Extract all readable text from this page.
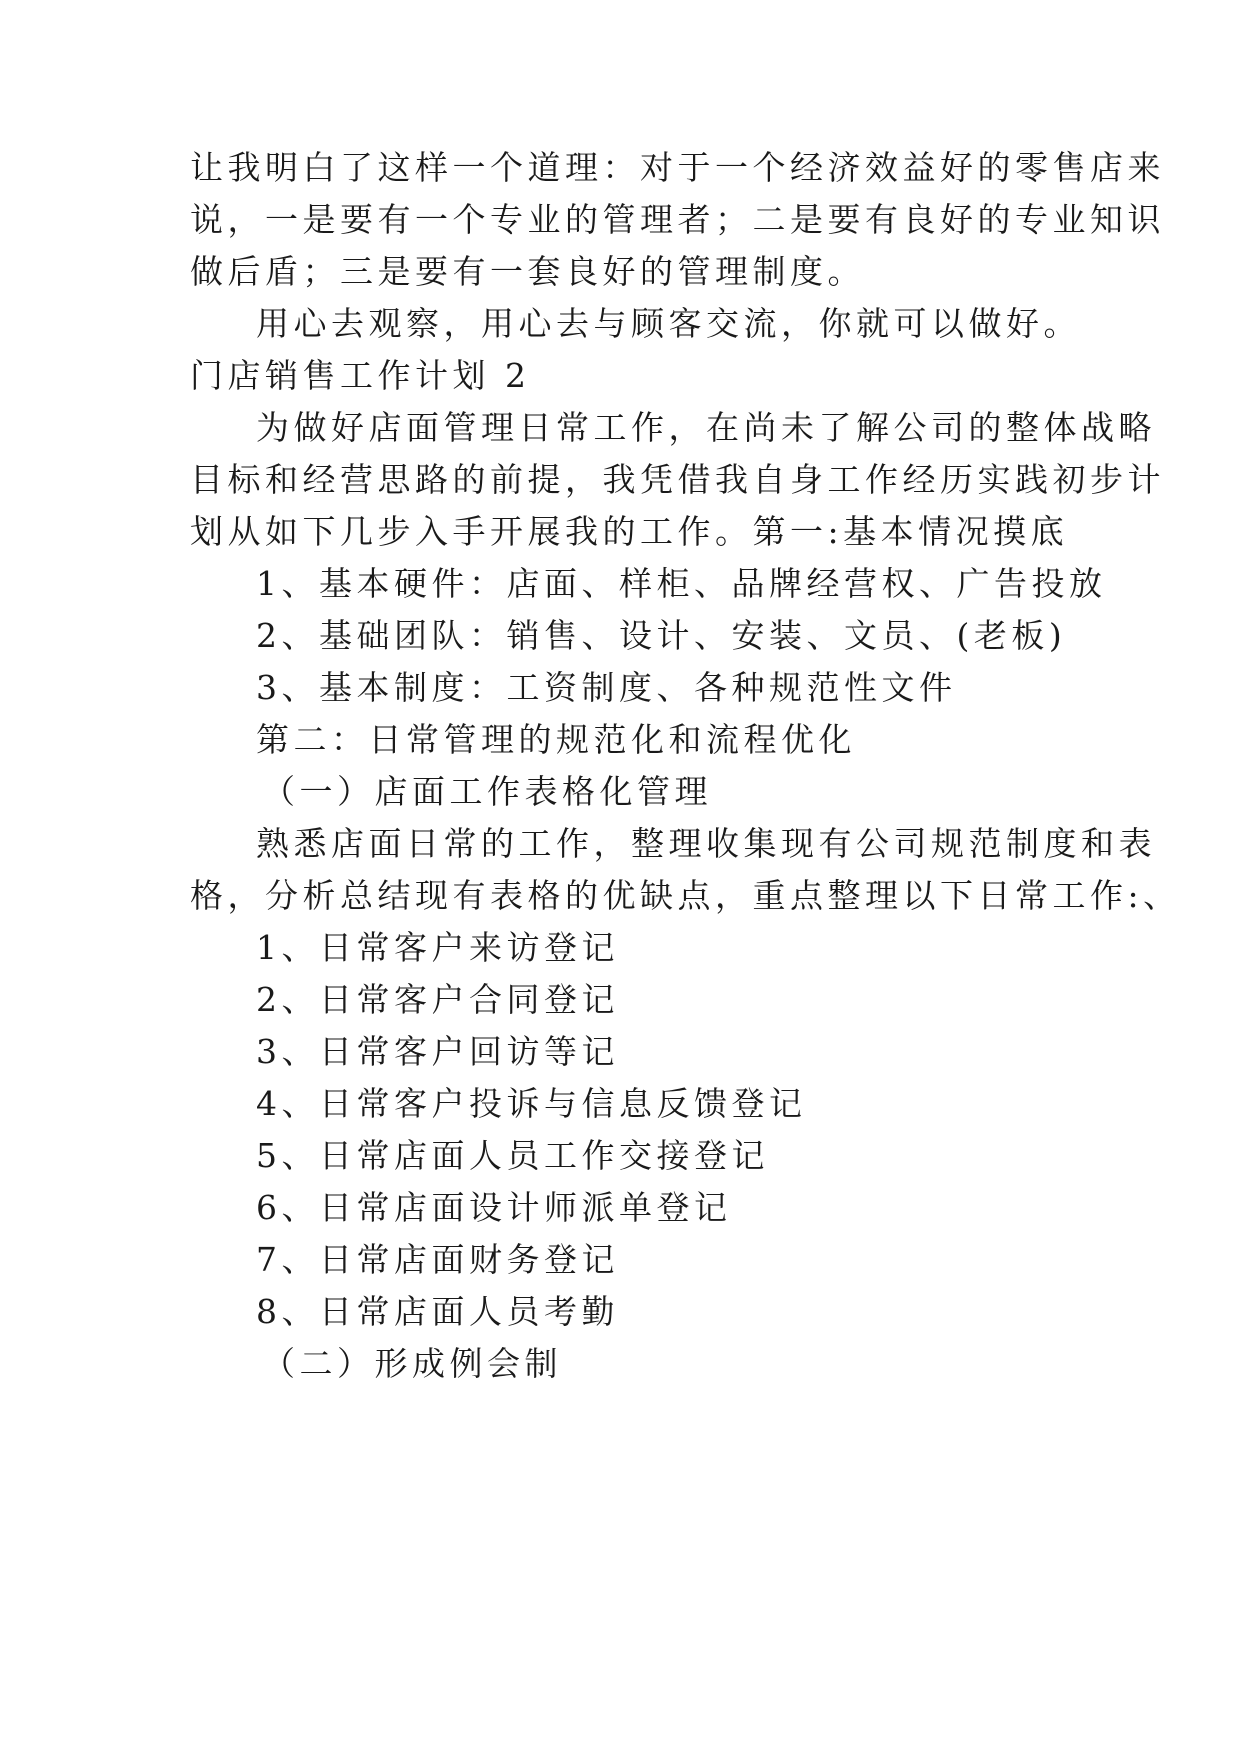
让我明白了这样一个道理：对于一个经济效益好的零售店来
说，一是要有一个专业的管理者；二是要有良好的专业知识
做后盾；三是要有一套良好的管理制度。
用心去观察，用心去与顾客交流，你就可以做好。
门店销售工作计划 2
为做好店面管理日常工作，在尚未了解公司的整体战略
目标和经营思路的前提，我凭借我自身工作经历实践初步计
划从如下几步入手开展我的工作。第一:基本情况摸底
1、基本硬件：店面、样柜、品牌经营权、广告投放
2、基础团队：销售、设计、安装、文员、(老板)
3、基本制度：工资制度、各种规范性文件
第二：日常管理的规范化和流程优化
（一）店面工作表格化管理
熟悉店面日常的工作，整理收集现有公司规范制度和表
格，分析总结现有表格的优缺点，重点整理以下日常工作:、
1、日常客户来访登记
2、日常客户合同登记
3、日常客户回访等记
4、日常客户投诉与信息反馈登记
5、日常店面人员工作交接登记
6、日常店面设计师派单登记
7、日常店面财务登记
8、日常店面人员考勤
（二）形成例会制
